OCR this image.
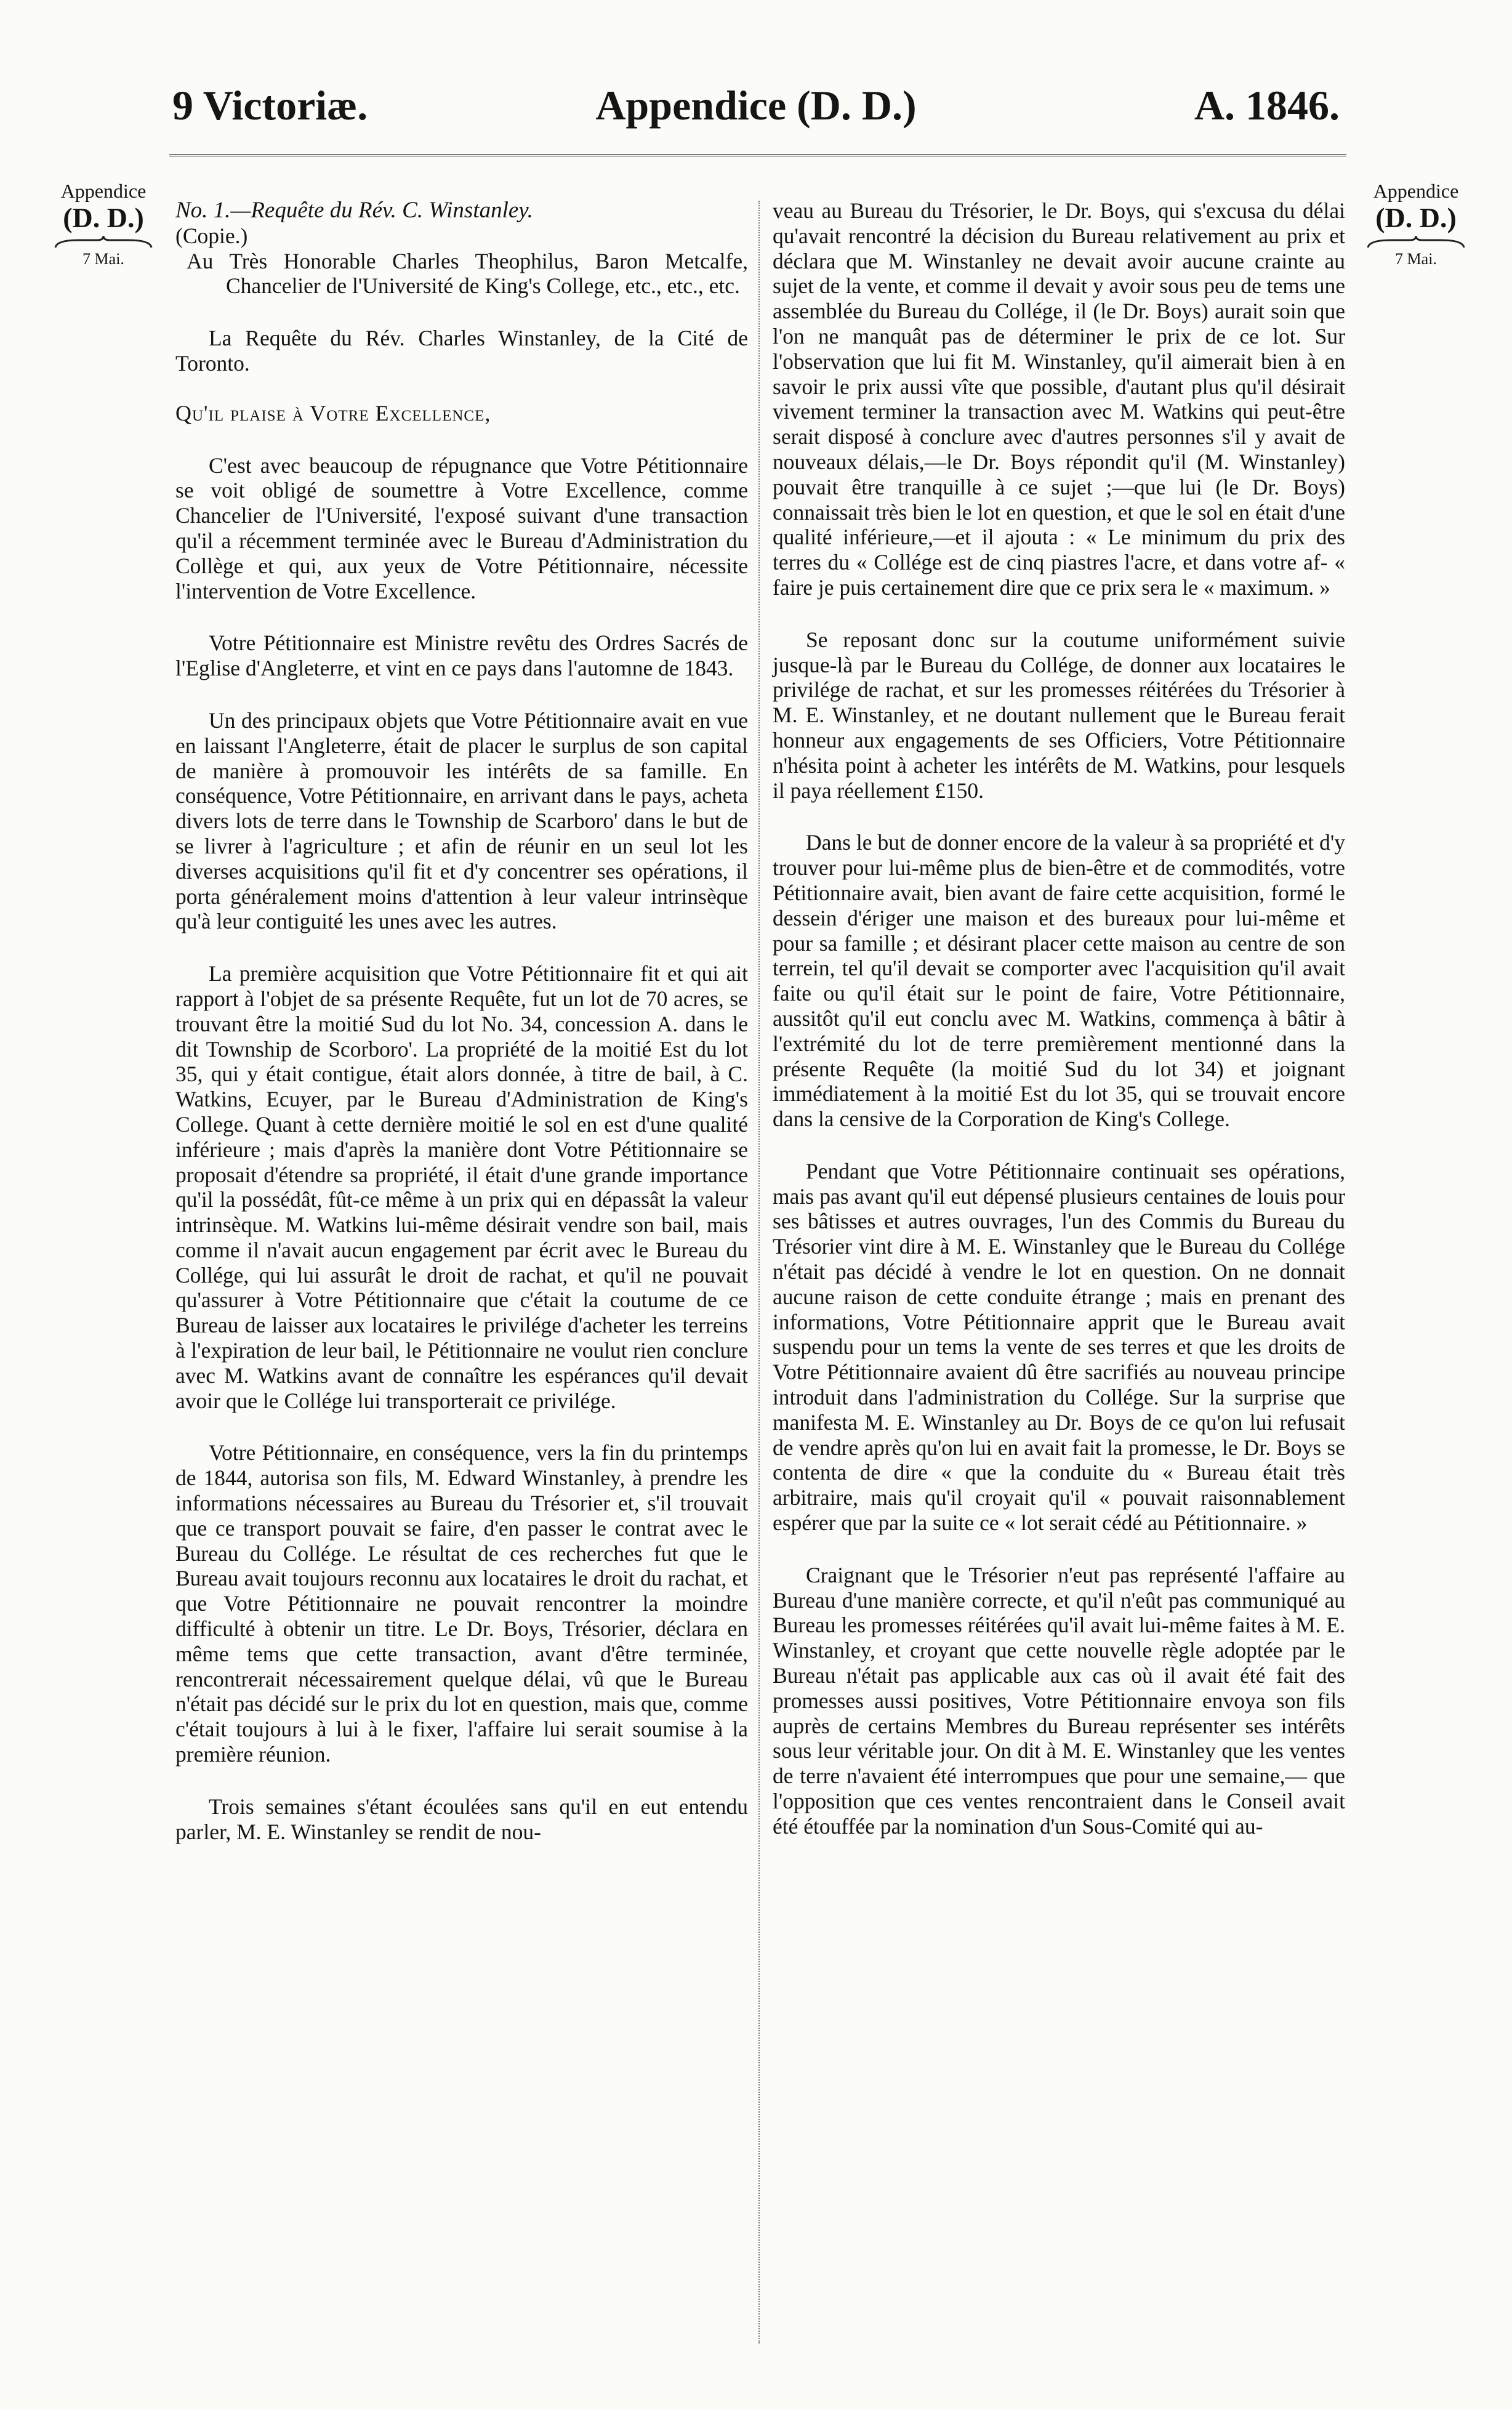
9 Victoriæ.	Appendice (D. D.)	A. 1846.
Appendice
(D. D.)
7 Mai.
Appendice
(D. D.)
7 Mai.

No. 1.—Requête du Rév. C. Winstanley.

(Copie.)

Au Très Honorable Charles Theophilus, Baron Metcalfe, Chancelier de l'Université de King's College, etc., etc., etc.

La Requête du Rév. Charles Winstanley, de la Cité de Toronto.

Qu'il plaise à Votre Excellence,

C'est avec beaucoup de répugnance que Votre Pétitionnaire se voit obligé de soumettre à Votre Excellence, comme Chancelier de l'Université, l'exposé suivant d'une transaction qu'il a récemment terminée avec le Bureau d'Administration du Collège et qui, aux yeux de Votre Pétitionnaire, nécessite l'intervention de Votre Excellence.

Votre Pétitionnaire est Ministre revêtu des Ordres Sacrés de l'Eglise d'Angleterre, et vint en ce pays dans l'automne de 1843.

Un des principaux objets que Votre Pétitionnaire avait en vue en laissant l'Angleterre, était de placer le surplus de son capital de manière à promouvoir les intérêts de sa famille. En conséquence, Votre Pétitionnaire, en arrivant dans le pays, acheta divers lots de terre dans le Township de Scarboro' dans le but de se livrer à l'agriculture ; et afin de réunir en un seul lot les diverses acquisitions qu'il fit et d'y concentrer ses opérations, il porta généralement moins d'attention à leur valeur intrinsèque qu'à leur contiguité les unes avec les autres.

La première acquisition que Votre Pétitionnaire fit et qui ait rapport à l'objet de sa présente Requête, fut un lot de 70 acres, se trouvant être la moitié Sud du lot No. 34, concession A. dans le dit Township de Scorboro'. La propriété de la moitié Est du lot 35, qui y était contigue, était alors donnée, à titre de bail, à C. Watkins, Ecuyer, par le Bureau d'Administration de King's College. Quant à cette dernière moitié le sol en est d'une qualité inférieure ; mais d'après la manière dont Votre Pétitionnaire se proposait d'étendre sa propriété, il était d'une grande importance qu'il la possédât, fût-ce même à un prix qui en dépassât la valeur intrinsèque. M. Watkins lui-même désirait vendre son bail, mais comme il n'avait aucun engagement par écrit avec le Bureau du Collége, qui lui assurât le droit de rachat, et qu'il ne pouvait qu'assurer à Votre Pétitionnaire que c'était la coutume de ce Bureau de laisser aux locataires le privilége d'acheter les terreins à l'expiration de leur bail, le Pétitionnaire ne voulut rien conclure avec M. Watkins avant de connaître les espérances qu'il devait avoir que le Collége lui transporterait ce privilége.

Votre Pétitionnaire, en conséquence, vers la fin du printemps de 1844, autorisa son fils, M. Edward Winstanley, à prendre les informations nécessaires au Bureau du Trésorier et, s'il trouvait que ce transport pouvait se faire, d'en passer le contrat avec le Bureau du Collége. Le résultat de ces recherches fut que le Bureau avait toujours reconnu aux locataires le droit du rachat, et que Votre Pétitionnaire ne pouvait rencontrer la moindre difficulté à obtenir un titre. Le Dr. Boys, Trésorier, déclara en même tems que cette transaction, avant d'être terminée, rencontrerait nécessairement quelque délai, vû que le Bureau n'était pas décidé sur le prix du lot en question, mais que, comme c'était toujours à lui à le fixer, l'affaire lui serait soumise à la première réunion.

Trois semaines s'étant écoulées sans qu'il en eut entendu parler, M. E. Winstanley se rendit de nou-

veau au Bureau du Trésorier, le Dr. Boys, qui s'excusa du délai qu'avait rencontré la décision du Bureau relativement au prix et déclara que M. Winstanley ne devait avoir aucune crainte au sujet de la vente, et comme il devait y avoir sous peu de tems une assemblée du Bureau du Collége, il (le Dr. Boys) aurait soin que l'on ne manquât pas de déterminer le prix de ce lot. Sur l'observation que lui fit M. Winstanley, qu'il aimerait bien à en savoir le prix aussi vîte que possible, d'autant plus qu'il désirait vivement terminer la transaction avec M. Watkins qui peut-être serait disposé à conclure avec d'autres personnes s'il y avait de nouveaux délais,—le Dr. Boys répondit qu'il (M. Winstanley) pouvait être tranquille à ce sujet ;—que lui (le Dr. Boys) connaissait très bien le lot en question, et que le sol en était d'une qualité inférieure,—et il ajouta : « Le minimum du prix des terres du « Collége est de cinq piastres l'acre, et dans votre af- « faire je puis certainement dire que ce prix sera le « maximum. »

Se reposant donc sur la coutume uniformément suivie jusque-là par le Bureau du Collége, de donner aux locataires le privilége de rachat, et sur les promesses réitérées du Trésorier à M. E. Winstanley, et ne doutant nullement que le Bureau ferait honneur aux engagements de ses Officiers, Votre Pétitionnaire n'hésita point à acheter les intérêts de M. Watkins, pour lesquels il paya réellement £150.

Dans le but de donner encore de la valeur à sa propriété et d'y trouver pour lui-même plus de bien-être et de commodités, votre Pétitionnaire avait, bien avant de faire cette acquisition, formé le dessein d'ériger une maison et des bureaux pour lui-même et pour sa famille ; et désirant placer cette maison au centre de son terrein, tel qu'il devait se comporter avec l'acquisition qu'il avait faite ou qu'il était sur le point de faire, Votre Pétitionnaire, aussitôt qu'il eut conclu avec M. Watkins, commença à bâtir à l'extrémité du lot de terre premièrement mentionné dans la présente Requête (la moitié Sud du lot 34) et joignant immédiatement à la moitié Est du lot 35, qui se trouvait encore dans la censive de la Corporation de King's College.

Pendant que Votre Pétitionnaire continuait ses opérations, mais pas avant qu'il eut dépensé plusieurs centaines de louis pour ses bâtisses et autres ouvrages, l'un des Commis du Bureau du Trésorier vint dire à M. E. Winstanley que le Bureau du Collége n'était pas décidé à vendre le lot en question. On ne donnait aucune raison de cette conduite étrange ; mais en prenant des informations, Votre Pétitionnaire apprit que le Bureau avait suspendu pour un tems la vente de ses terres et que les droits de Votre Pétitionnaire avaient dû être sacrifiés au nouveau principe introduit dans l'administration du Collége. Sur la surprise que manifesta M. E. Winstanley au Dr. Boys de ce qu'on lui refusait de vendre après qu'on lui en avait fait la promesse, le Dr. Boys se contenta de dire « que la conduite du « Bureau était très arbitraire, mais qu'il croyait qu'il « pouvait raisonnablement espérer que par la suite ce « lot serait cédé au Pétitionnaire. »

Craignant que le Trésorier n'eut pas représenté l'affaire au Bureau d'une manière correcte, et qu'il n'eût pas communiqué au Bureau les promesses réitérées qu'il avait lui-même faites à M. E. Winstanley, et croyant que cette nouvelle règle adoptée par le Bureau n'était pas applicable aux cas où il avait été fait des promesses aussi positives, Votre Pétitionnaire envoya son fils auprès de certains Membres du Bureau représenter ses intérêts sous leur véritable jour. On dit à M. E. Winstanley que les ventes de terre n'avaient été interrompues que pour une semaine,— que l'opposition que ces ventes rencontraient dans le Conseil avait été étouffée par la nomination d'un Sous-Comité qui au-
